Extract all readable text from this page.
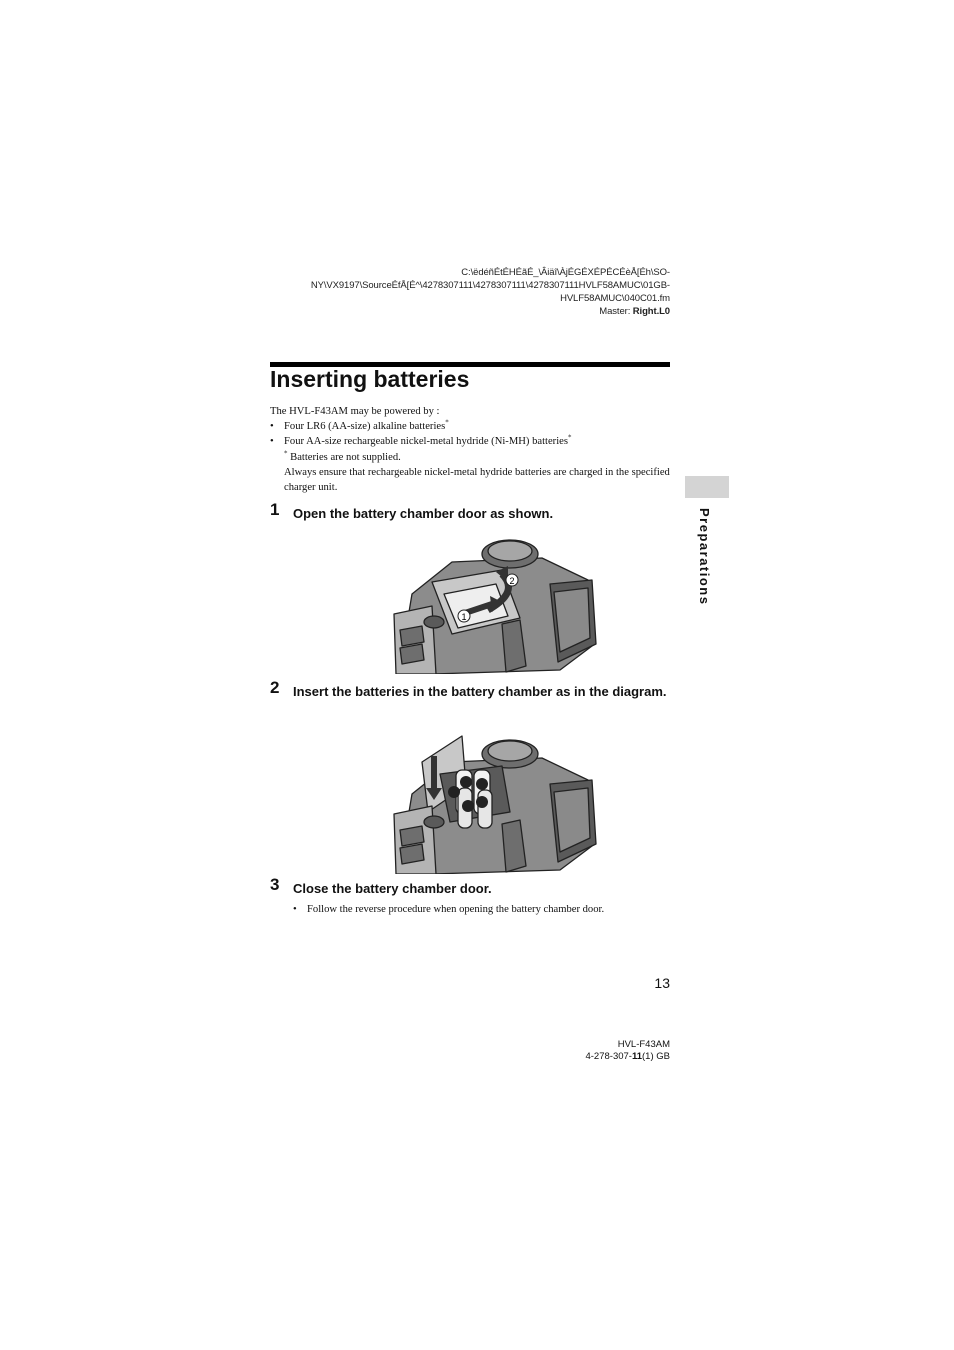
C:\ëdéñÉtÉHÉãÉ_\Âiäî\ÀjÉGÉXÉPÉCÉèÅ[Éh\SO-
NY\VX9197\SourceÉfÅ[É^\4278307111\4278307111\4278307111HVLF58AMUC\01GB-
HVLF58AMUC\040C01.fm
Master: Right.L0
Inserting batteries

The HVL-F43AM may be powered by :

• Four LR6 (AA-size) alkaline batteries*

• Four AA-size rechargeable nickel-metal hydride (Ni-MH) batteries*

* Batteries are not supplied.

Always ensure that rechargeable nickel-metal hydride batteries are charged in the specified charger unit.

1 Open the battery chamber door as shown.
1
2
2 Insert the batteries in the battery chamber as in the diagram.
3 Close the battery chamber door.
• Follow the reverse procedure when opening the battery chamber door.
Preparations
13
HVL-F43AM
4-278-307-11(1) GB
